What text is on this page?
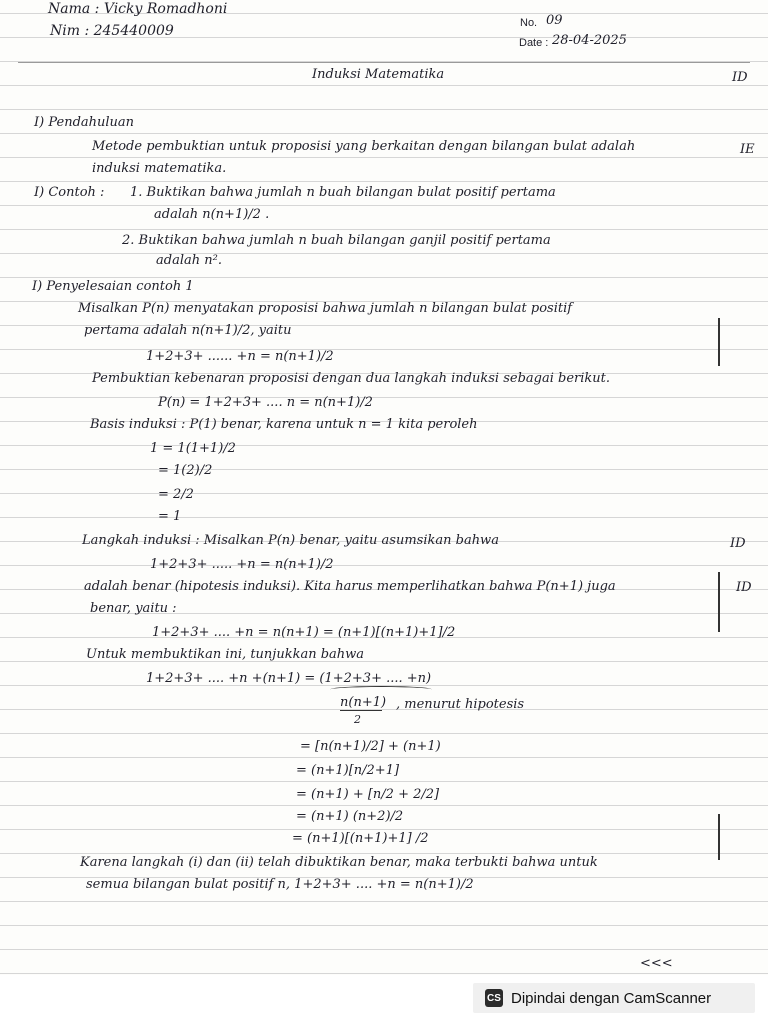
Nama : Vicky Romadhoni
Nim : 245440009	No. 09
Date : 28-04-2025
Induksi Matematika	ID
I) Pendahuluan
Metode pembuktian untuk proposisi yang berkaitan dengan bilangan bulat adalah	IE
induksi matematika.
I) Contoh : 1. Buktikan bahwa jumlah n buah bilangan bulat positif pertama
adalah n(n+1)/2 .
2. Buktikan bahwa jumlah n buah bilangan ganjil positif pertama
adalah n².
I) Penyelesaian contoh 1
Misalkan P(n) menyatakan proposisi bahwa jumlah n bilangan bulat positif
pertama adalah n(n+1)/2, yaitu
1+2+3+ ...... +n = n(n+1)/2
Pembuktian kebenaran proposisi dengan dua langkah induksi sebagai berikut.
P(n) = 1+2+3+ .... n = n(n+1)/2
Basis induksi : P(1) benar, karena untuk n = 1 kita peroleh
1 = 1(1+1)/2
= 1(2)/2
= 2/2
= 1
Langkah induksi : Misalkan P(n) benar, yaitu asumsikan bahwa	ID
1+2+3+ ..... +n = n(n+1)/2
adalah benar (hipotesis induksi). Kita harus memperlihatkan bahwa P(n+1) juga	ID
benar, yaitu :
1+2+3+ .... +n = n(n+1) = (n+1)[(n+1)+1]/2
Untuk membuktikan ini, tunjukkan bahwa
1+2+3+ .... +n +(n+1) = (1+2+3+ .... +n)
n(n+1) , menurut hipotesis
2
= [n(n+1)/2] + (n+1)
= (n+1)[n/2+1]
= (n+1) + [n/2 + 2/2]
= (n+1) (n+2)/2
= (n+1)[(n+1)+1] /2
Karena langkah (i) dan (ii) telah dibuktikan benar, maka terbukti bahwa untuk
semua bilangan bulat positif n, 1+2+3+ .... +n = n(n+1)/2
<<<
CS Dipindai dengan CamScanner
